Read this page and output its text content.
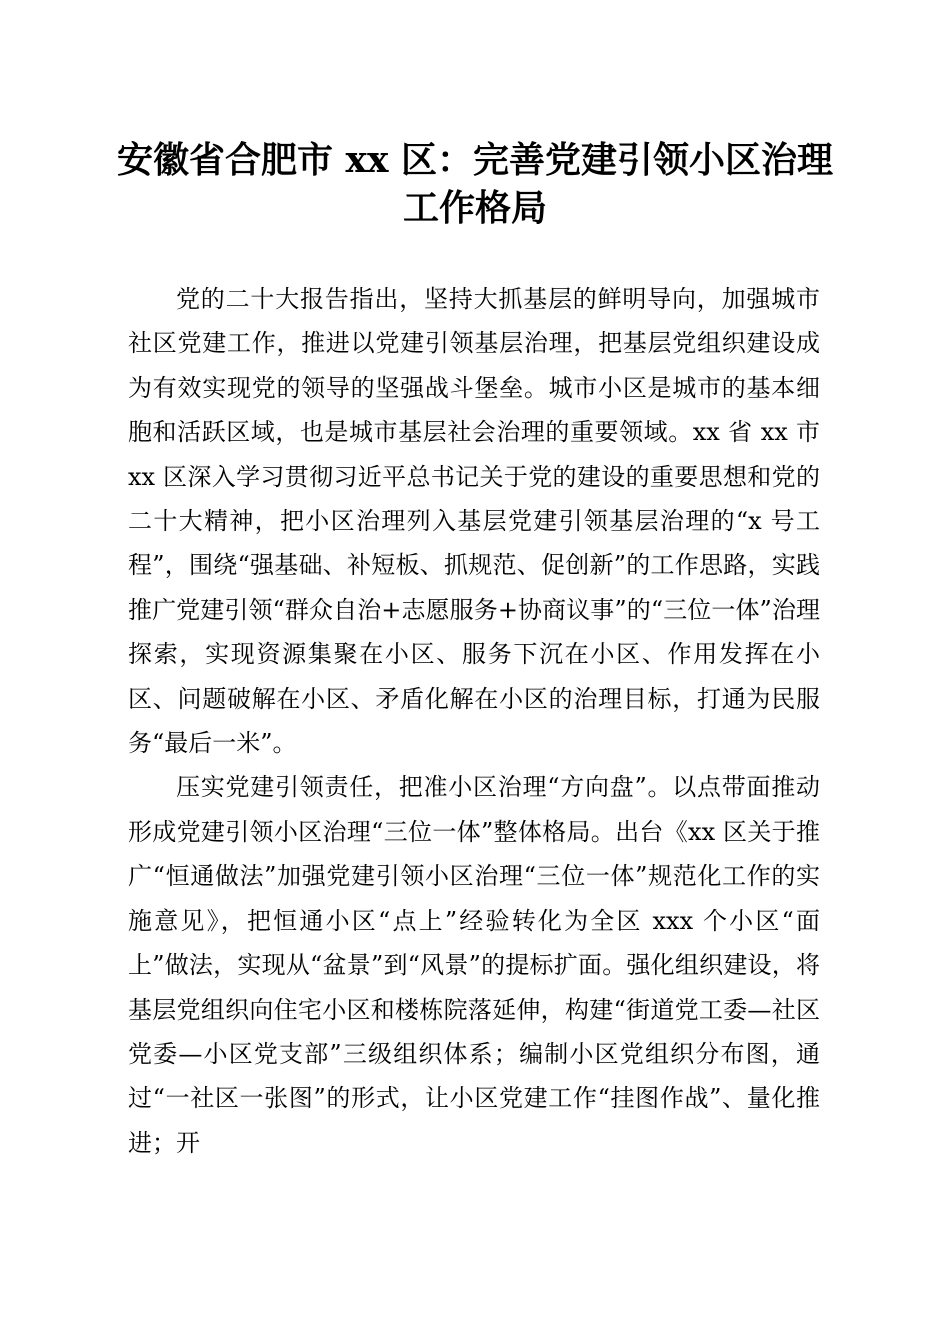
安徽省合肥市 xx 区：完善党建引领小区治理
工作格局

党的二十大报告指出，坚持大抓基层的鲜明导向，加强城市社区党建工作，推进以党建引领基层治理，把基层党组织建设成为有效实现党的领导的坚强战斗堡垒。城市小区是城市的基本细胞和活跃区域，也是城市基层社会治理的重要领域。xx 省 xx 市 xx 区深入学习贯彻习近平总书记关于党的建设的重要思想和党的二十大精神，把小区治理列入基层党建引领基层治理的“x 号工程”，围绕“强基础、补短板、抓规范、促创新”的工作思路，实践推广党建引领“群众自治+志愿服务+协商议事”的“三位一体”治理探索，实现资源集聚在小区、服务下沉在小区、作用发挥在小区、问题破解在小区、矛盾化解在小区的治理目标，打通为民服务“最后一米”。

压实党建引领责任，把准小区治理“方向盘”。以点带面推动形成党建引领小区治理“三位一体”整体格局。出台《xx 区关于推广“恒通做法”加强党建引领小区治理“三位一体”规范化工作的实施意见》，把恒通小区“点上”经验转化为全区 xxx 个小区“面上”做法，实现从“盆景”到“风景”的提标扩面。强化组织建设，将基层党组织向住宅小区和楼栋院落延伸，构建“街道党工委—社区党委—小区党支部”三级组织体系；编制小区党组织分布图，通过“一社区一张图”的形式，让小区党建工作“挂图作战”、量化推进；开
